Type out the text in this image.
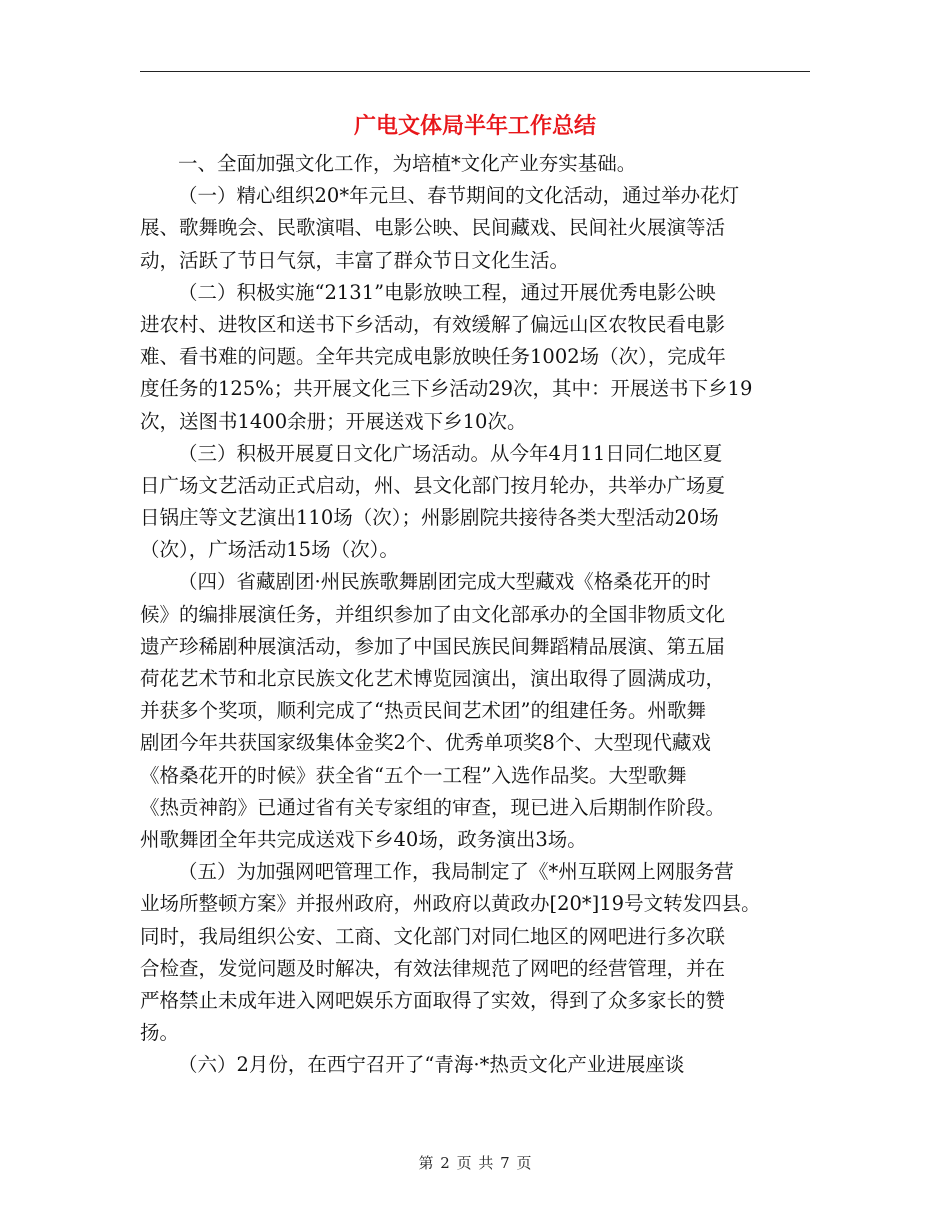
广电文体局半年工作总结

一、全面加强文化工作，为培植*文化产业夯实基础。

（一）精心组织20*年元旦、春节期间的文化活动，通过举办花灯

展、歌舞晚会、民歌演唱、电影公映、民间藏戏、民间社火展演等活

动，活跃了节日气氛，丰富了群众节日文化生活。

（二）积极实施“2131”电影放映工程，通过开展优秀电影公映

进农村、进牧区和送书下乡活动，有效缓解了偏远山区农牧民看电影

难、看书难的问题。全年共完成电影放映任务1002场（次），完成年

度任务的125%；共开展文化三下乡活动29次，其中：开展送书下乡19

次，送图书1400余册；开展送戏下乡10次。

（三）积极开展夏日文化广场活动。从今年4月11日同仁地区夏

日广场文艺活动正式启动，州、县文化部门按月轮办，共举办广场夏

日锅庄等文艺演出110场（次）；州影剧院共接待各类大型活动20场

（次），广场活动15场（次）。

（四）省藏剧团·州民族歌舞剧团完成大型藏戏《格桑花开的时

候》的编排展演任务，并组织参加了由文化部承办的全国非物质文化

遗产珍稀剧种展演活动，参加了中国民族民间舞蹈精品展演、第五届

荷花艺术节和北京民族文化艺术博览园演出，演出取得了圆满成功，

并获多个奖项，顺利完成了“热贡民间艺术团”的组建任务。州歌舞

剧团今年共获国家级集体金奖2个、优秀单项奖8个、大型现代藏戏

《格桑花开的时候》获全省“五个一工程”入选作品奖。大型歌舞

《热贡神韵》已通过省有关专家组的审查，现已进入后期制作阶段。

州歌舞团全年共完成送戏下乡40场，政务演出3场。

（五）为加强网吧管理工作，我局制定了《*州互联网上网服务营

业场所整顿方案》并报州政府，州政府以黄政办[20*]19号文转发四县。

同时，我局组织公安、工商、文化部门对同仁地区的网吧进行多次联

合检查，发觉问题及时解决，有效法律规范了网吧的经营管理，并在

严格禁止未成年进入网吧娱乐方面取得了实效，得到了众多家长的赞

扬。

（六）2月份，在西宁召开了“青海·*热贡文化产业进展座谈

第 2 页 共 7 页
